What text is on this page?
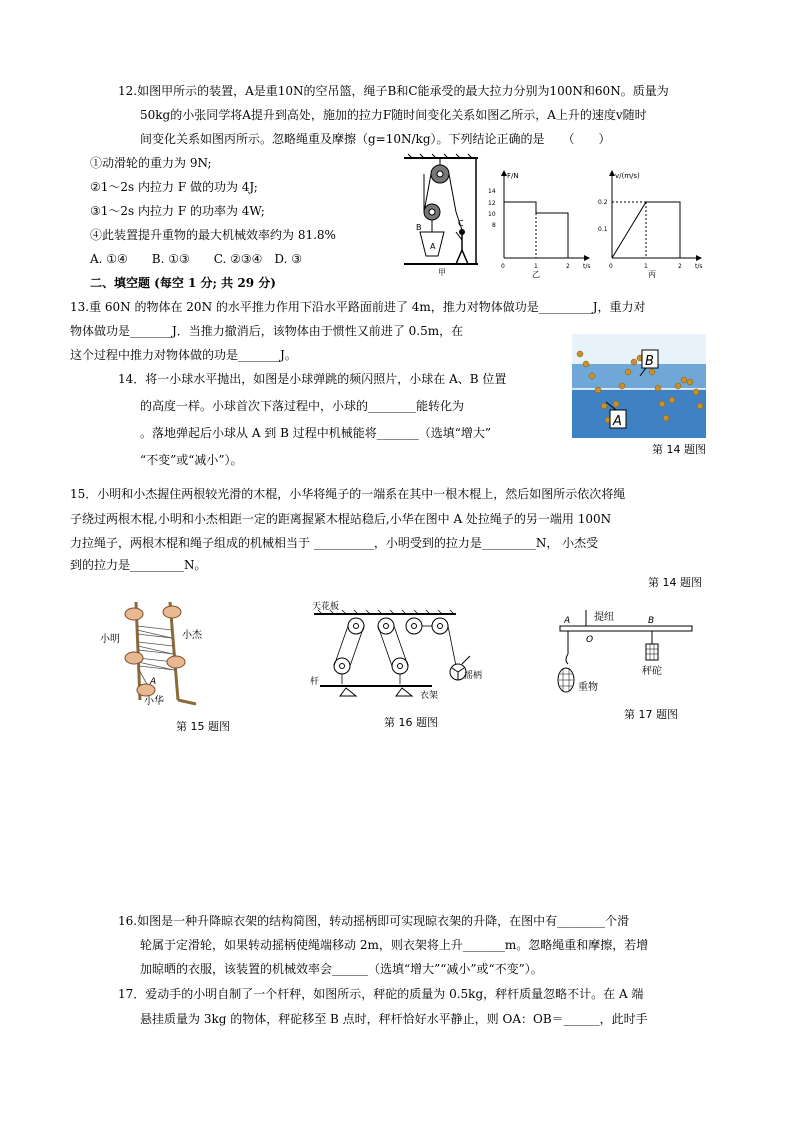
12.如图甲所示的装置，A是重10N的空吊篮，绳子B和C能承受的最大拉力分别为100N和60N。质量为
50kg的小张同学将A提升到高处，施加的拉力F随时间变化关系如图乙所示，A上升的速度v随时
间变化关系如图丙所示。忽略绳重及摩擦（g=10N/kg）。下列结论正确的是　　（　　）
①动滑轮的重力为 9N;
②1～2s 内拉力 F 做的功为 4J;
③1～2s 内拉力 F 的功率为 4W;
④此装置提升重物的最大机械效率约为 81.8%
A. ①④　　B. ①③　　C. ②③④　D. ③
A
B	C
甲
F/N
14
12
10
8
0	1	2 t/s
乙
v/(m/s)
0.2
0.1
0	1	2 t/s
丙
二、填空题 (每空 1 分; 共 29 分)
13.重 60N 的物体在 20N 的水平推力作用下沿水平路面前进了 4m，推力对物体做功是_________J，重力对
物体做功是_______J．当推力撤消后，该物体由于惯性又前进了 0.5m，在
这个过程中推力对物体做的功是_______J。
14．将一小球水平抛出，如图是小球弹跳的频闪照片，小球在 A、B 位置
的高度一样。小球首次下落过程中，小球的________能转化为
。落地弹起后小球从 A 到 B 过程中机械能将_______（选填“增大”
“不变”或“减小”）。
B
A
第 14 题图
15．小明和小杰握住两根较光滑的木棍，小华将绳子的一端系在其中一根木棍上，然后如图所示依次将绳
子绕过两根木棍,小明和小杰相距一定的距离握紧木棍站稳后,小华在图中 A 处拉绳子的另一端用 100N
力拉绳子，两根木棍和绳子组成的机械相当于 __________，小明受到的拉力是_________N， 小杰受
到的拉力是_________N。
第 14 题图
小明	小杰
A
小华
第 15 题图
天花板
摇柄
杆
衣架
第 16 题图
提纽
O
A	B
重物
秤砣
第 17 题图
16.如图是一种升降晾衣架的结构简图，转动摇柄即可实现晾衣架的升降，在图中有________个滑
轮属于定滑轮，如果转动摇柄使绳端移动 2m，则衣架将上升_______m。忽略绳重和摩擦，若增
加晾晒的衣服，该装置的机械效率会______（选填“增大”“减小”或“不变”）。
17．爱动手的小明自制了一个杆秤，如图所示，秤砣的质量为 0.5kg，秤杆质量忽略不计。在 A 端
悬挂质量为 3kg 的物体，秤砣移至 B 点时，秤杆恰好水平静止，则 OA：OB＝______，此时手
